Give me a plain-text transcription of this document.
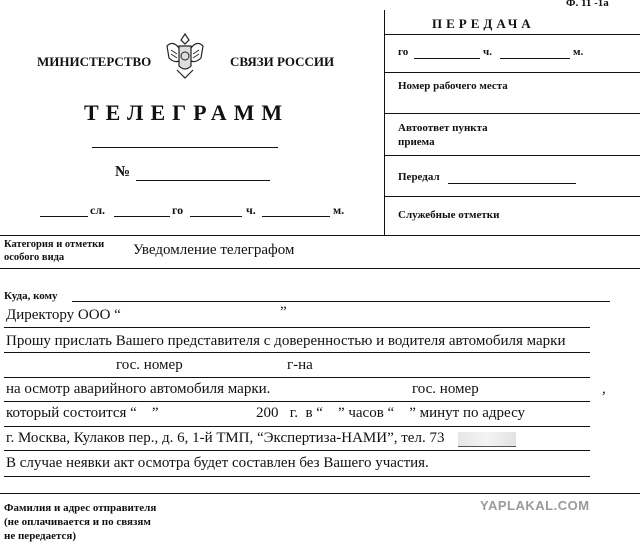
Ф. 11 -1а
МИНИСТЕРСТВО	СВЯЗИ РОССИИ
ТЕЛЕГРАММ
№
сл.	го	ч.	м.
ПЕРЕДАЧА
го	ч.	м.
Номер рабочего места
Автоответ пункта приема
Передал
Служебные отметки
Категория и отметки особого вида	Уведомление телеграфом
Куда, кому
Директору ООО “	”
Прошу прислать Вашего представителя с доверенностью и водителя автомобиля марки
гос. номер	г-на
на осмотр аварийного автомобиля марки.	гос. номер	,
который состоится “    ”	200   г.  в “    ” часов “    ” минут по адресу
г. Москва, Кулаков пер., д. 6, 1-й ТМП, “Экспертиза-НАМИ”, тел. 73
В случае неявки акт осмотра будет составлен без Вашего участия.
Фамилия и адрес отправителя
(не оплачивается и по связям
не передается)
YAPLAKAL.COM
